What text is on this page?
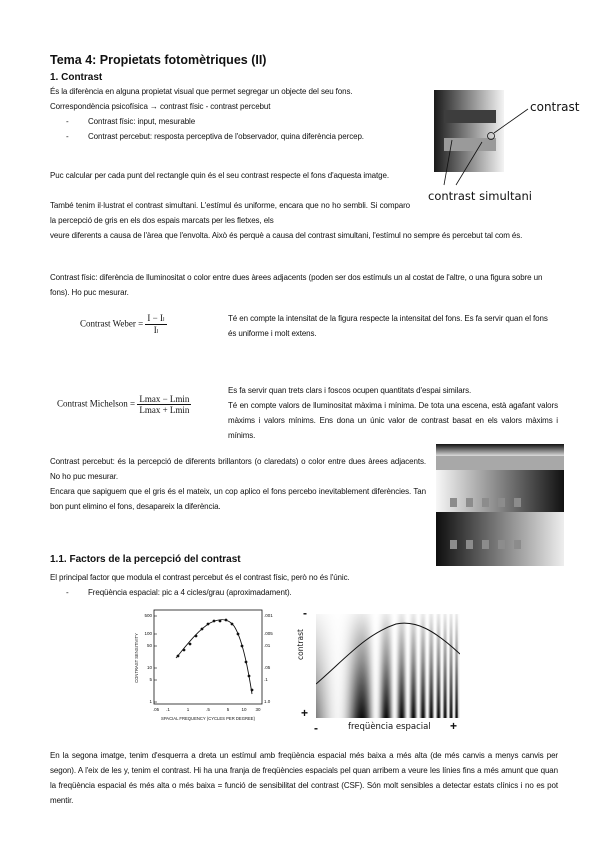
Tema 4: Propietats fotomètriques (II)
1. Contrast
És la diferència en alguna propietat visual que permet segregar un objecte del seu fons.
Correspondència psicofísica → contrast físic - contrast percebut
- Contrast físic: input, mesurable
- Contrast percebut: resposta perceptiva de l'observador, quina diferència percep.
Puc calcular per cada punt del rectangle quin és el seu contrast respecte el fons d'aquesta imatge.
També tenim il·lustrat el contrast simultani. L'estímul és uniforme, encara que no ho sembli. Si comparo la percepció de gris en els dos espais marcats per les fletxes, els
veure diferents a causa de l'àrea que l'envolta. Això és perquè a causa del contrast simultani, l'estímul no sempre és percebut tal com és.
contrast
contrast simultani
Contrast físic: diferència de lluminositat o color entre dues àrees adjacents (poden ser dos estímuls un al costat de l'altre, o una figura sobre un fons). Ho puc mesurar.
Contrast Weber = $\frac{\text{I − Iₗ}}{\text{Iₗ}}$	Té en compte la intensitat de la figura respecte la intensitat del fons. Es fa servir quan el fons és uniforme i molt extens.
Contrast Michelson = $\frac{Lmax - Lmin}{Lmax + Lmin}$
Es fa servir quan trets clars i foscos ocupen quantitats d'espai similars.
Té en compte valors de lluminositat màxima i mínima. De tota una escena, està agafant valors màxims i valors mínims. Ens dona un únic valor de contrast basat en els valors màxims i mínims.
Contrast percebut: és la percepció de diferents brillantors (o claredats) o color entre dues àrees adjacents. No ho puc mesurar.
Encara que sapiguem que el gris és el mateix, un cop aplico el fons percebo inevitablement diferències. Tan bon punt elimino el fons, desapareix la diferència.
1.1. Factors de la percepció del contrast
El principal factor que modula el contrast percebut és el contrast físic, però no és l'únic.
- Freqüència espacial: pic a 4 cicles/grau (aproximadament).
500
100
50
10
5
1
.001
.005
.01
.05
.1
1.0
.05 .1	1	.5	5	10 30
CONTRAST SENSITIVITY
SPACIAL FREQUENCY (CYCLES PER DEGREE)
-
+
-	+
freqüència espacial
contrast
En la segona imatge, tenim d'esquerra a dreta un estímul amb freqüència espacial més baixa a més alta (de més canvis a menys canvis per segon). A l'eix de les y, tenim el contrast. Hi ha una franja de freqüències espacials pel quan arribem a veure les línies fins a més amunt que quan la freqüència espacial és més alta o més baixa = funció de sensibilitat del contrast (CSF). Són molt sensibles a detectar estats clínics i no es pot mentir.
